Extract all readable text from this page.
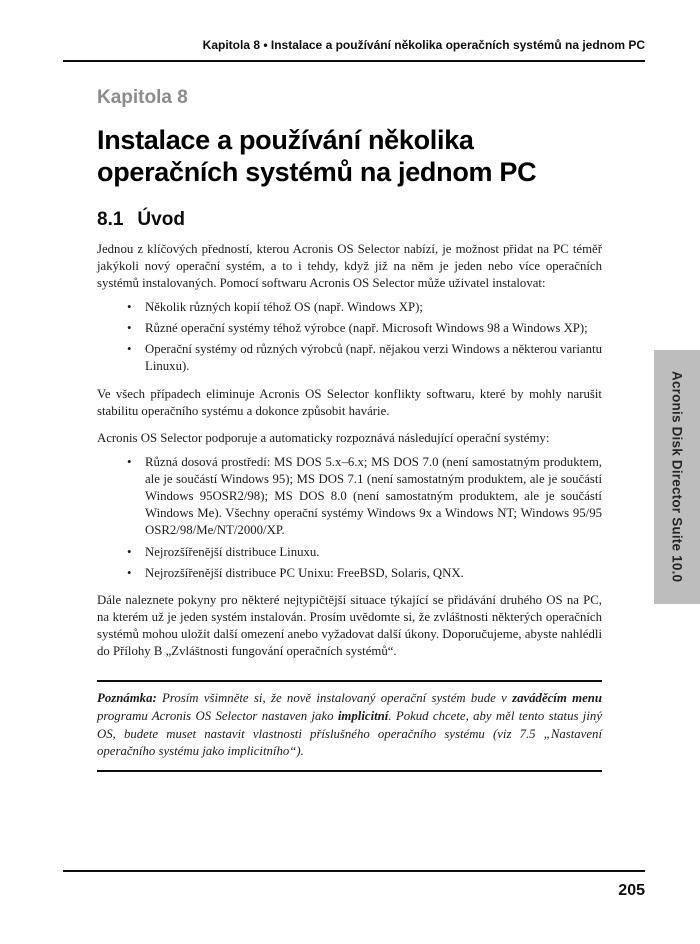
Kapitola 8 • Instalace a používání několika operačních systémů na jednom PC
Kapitola 8
Instalace a používání několika
operačních systémů na jednom PC
8.1 Úvod

Jednou z klíčových předností, kterou Acronis OS Selector nabízí, je možnost přidat na PC téměř jakýkoli nový operační systém, a to i tehdy, když již na něm je jeden nebo více operačních systémů instalovaných. Pomocí softwaru Acronis OS Selector může uživatel instalovat:

• Několik různých kopií téhož OS (např. Windows XP);
• Různé operační systémy téhož výrobce (např. Microsoft Windows 98 a Windows XP);
• Operační systémy od různých výrobců (např. nějakou verzi Windows a některou variantu Linuxu).

Ve všech případech eliminuje Acronis OS Selector konflikty softwaru, které by mohly narušit stabilitu operačního systému a dokonce způsobit havárie.

Acronis OS Selector podporuje a automaticky rozpoznává následující operační systémy:

• Různá dosová prostředí: MS DOS 5.x–6.x; MS DOS 7.0 (není samostatným produktem, ale je součástí Windows 95); MS DOS 7.1 (není samostatným produktem, ale je součástí Windows 95OSR2/98); MS DOS 8.0 (není samostatným produktem, ale je součástí Windows Me). Všechny operační systémy Windows 9x a Windows NT; Windows 95/95 OSR2/98/Me/NT/2000/XP.
• Nejrozšířenější distribuce Linuxu.
• Nejrozšířenější distribuce PC Unixu: FreeBSD, Solaris, QNX.

Dále naleznete pokyny pro některé nejtypičtější situace týkající se přidávání druhého OS na PC, na kterém už je jeden systém instalován. Prosím uvědomte si, že zvláštnosti některých operačních systémů mohou uložit další omezení anebo vyžadovat další úkony. Doporučujeme, abyste nahlédli do Přílohy B „Zvláštnosti fungování operačních systémů“.

Poznámka: Prosím všimněte si, že nově instalovaný operační systém bude v zaváděcím menu programu Acronis OS Selector nastaven jako implicitní. Pokud chcete, aby měl tento status jiný OS, budete muset nastavit vlastnosti příslušného operačního systému (viz 7.5 „Nastavení operačního systému jako implicitního“).
Acronis Disk Director Suite 10.0
205
